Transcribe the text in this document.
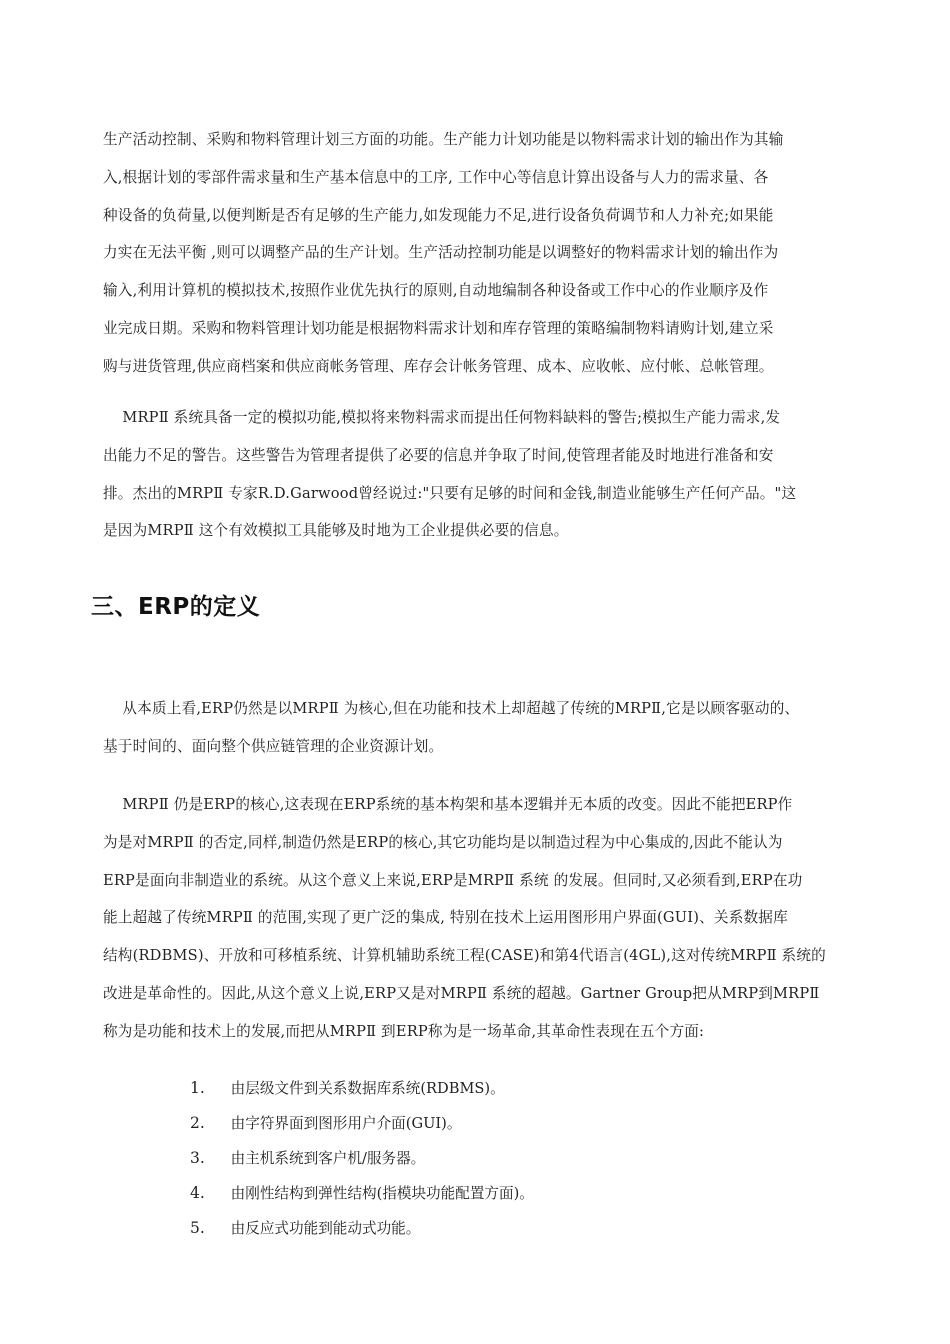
生产活动控制、采购和物料管理计划三方面的功能。生产能力计划功能是以物料需求计划的输出作为其输
入,根据计划的零部件需求量和生产基本信息中的工序, 工作中心等信息计算出设备与人力的需求量、各
种设备的负荷量,以便判断是否有足够的生产能力,如发现能力不足,进行设备负荷调节和人力补充;如果能
力实在无法平衡 ,则可以调整产品的生产计划。生产活动控制功能是以调整好的物料需求计划的输出作为
输入,利用计算机的模拟技术,按照作业优先执行的原则,自动地编制各种设备或工作中心的作业顺序及作
业完成日期。采购和物料管理计划功能是根据物料需求计划和库存管理的策略编制物料请购计划,建立采
购与进货管理,供应商档案和供应商帐务管理、库存会计帐务管理、成本、应收帐、应付帐、总帐管理。
MRPⅡ 系统具备一定的模拟功能,模拟将来物料需求而提出任何物料缺料的警告;模拟生产能力需求,发
出能力不足的警告。这些警告为管理者提供了必要的信息并争取了时间,使管理者能及时地进行准备和安
排。杰出的MRPⅡ 专家R.D.Garwood曾经说过:"只要有足够的时间和金钱,制造业能够生产任何产品。"这
是因为MRPⅡ 这个有效模拟工具能够及时地为工企业提供必要的信息。
三、ERP的定义
从本质上看,ERP仍然是以MRPⅡ 为核心,但在功能和技术上却超越了传统的MRPⅡ,它是以顾客驱动的、
基于时间的、面向整个供应链管理的企业资源计划。
MRPⅡ 仍是ERP的核心,这表现在ERP系统的基本构架和基本逻辑并无本质的改变。因此不能把ERP作
为是对MRPⅡ 的否定,同样,制造仍然是ERP的核心,其它功能均是以制造过程为中心集成的,因此不能认为
ERP是面向非制造业的系统。从这个意义上来说,ERP是MRPⅡ 系统 的发展。但同时,又必须看到,ERP在功
能上超越了传统MRPⅡ 的范围,实现了更广泛的集成, 特别在技术上运用图形用户界面(GUI)、关系数据库
结构(RDBMS)、开放和可移植系统、计算机辅助系统工程(CASE)和第4代语言(4GL),这对传统MRPⅡ 系统的
改进是革命性的。因此,从这个意义上说,ERP又是对MRPⅡ 系统的超越。Gartner Group把从MRP到MRPⅡ
称为是功能和技术上的发展,而把从MRPⅡ 到ERP称为是一场革命,其革命性表现在五个方面:
1. 由层级文件到关系数据库系统(RDBMS)。
2. 由字符界面到图形用户介面(GUI)。
3. 由主机系统到客户机/服务器。
4. 由刚性结构到弹性结构(指模块功能配置方面)。
5. 由反应式功能到能动式功能。
